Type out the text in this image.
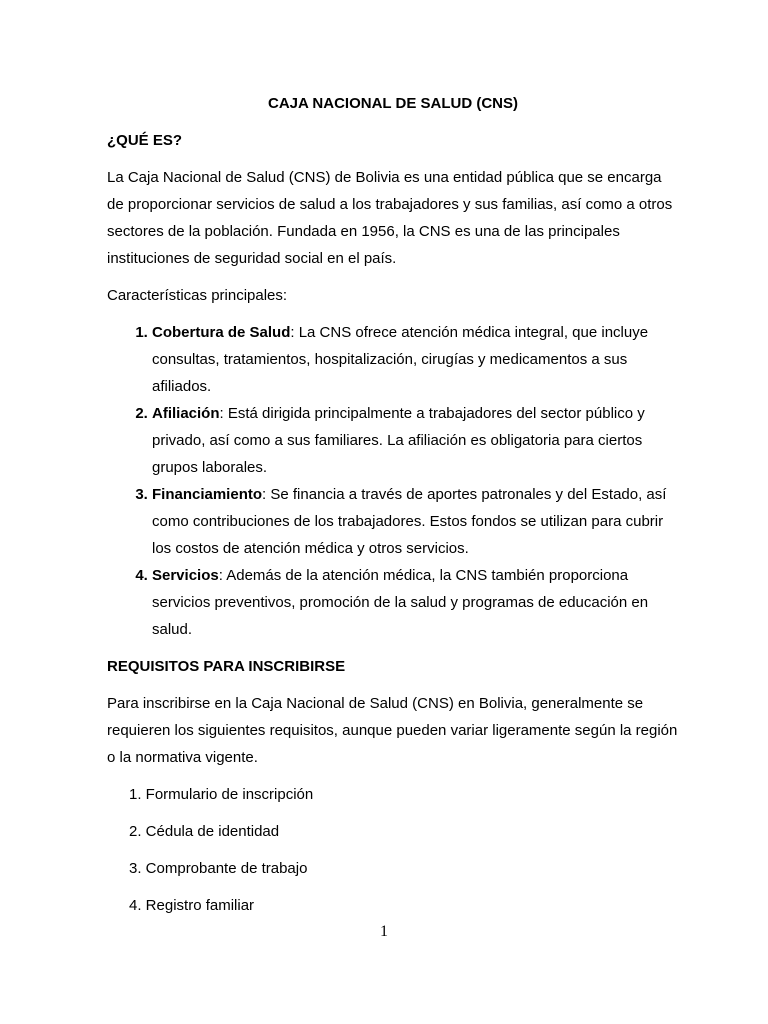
CAJA NACIONAL DE SALUD (CNS)
¿QUÉ ES?

La Caja Nacional de Salud (CNS) de Bolivia es una entidad pública que se encarga de proporcionar servicios de salud a los trabajadores y sus familias, así como a otros sectores de la población. Fundada en 1956, la CNS es una de las principales instituciones de seguridad social en el país.

Características principales:

1. Cobertura de Salud: La CNS ofrece atención médica integral, que incluye consultas, tratamientos, hospitalización, cirugías y medicamentos a sus afiliados.
2. Afiliación: Está dirigida principalmente a trabajadores del sector público y privado, así como a sus familiares. La afiliación es obligatoria para ciertos grupos laborales.
3. Financiamiento: Se financia a través de aportes patronales y del Estado, así como contribuciones de los trabajadores. Estos fondos se utilizan para cubrir los costos de atención médica y otros servicios.
4. Servicios: Además de la atención médica, la CNS también proporciona servicios preventivos, promoción de la salud y programas de educación en salud.
REQUISITOS PARA INSCRIBIRSE

Para inscribirse en la Caja Nacional de Salud (CNS) en Bolivia, generalmente se requieren los siguientes requisitos, aunque pueden variar ligeramente según la región o la normativa vigente.

1. Formulario de inscripción

2. Cédula de identidad

3. Comprobante de trabajo

4. Registro familiar

1
